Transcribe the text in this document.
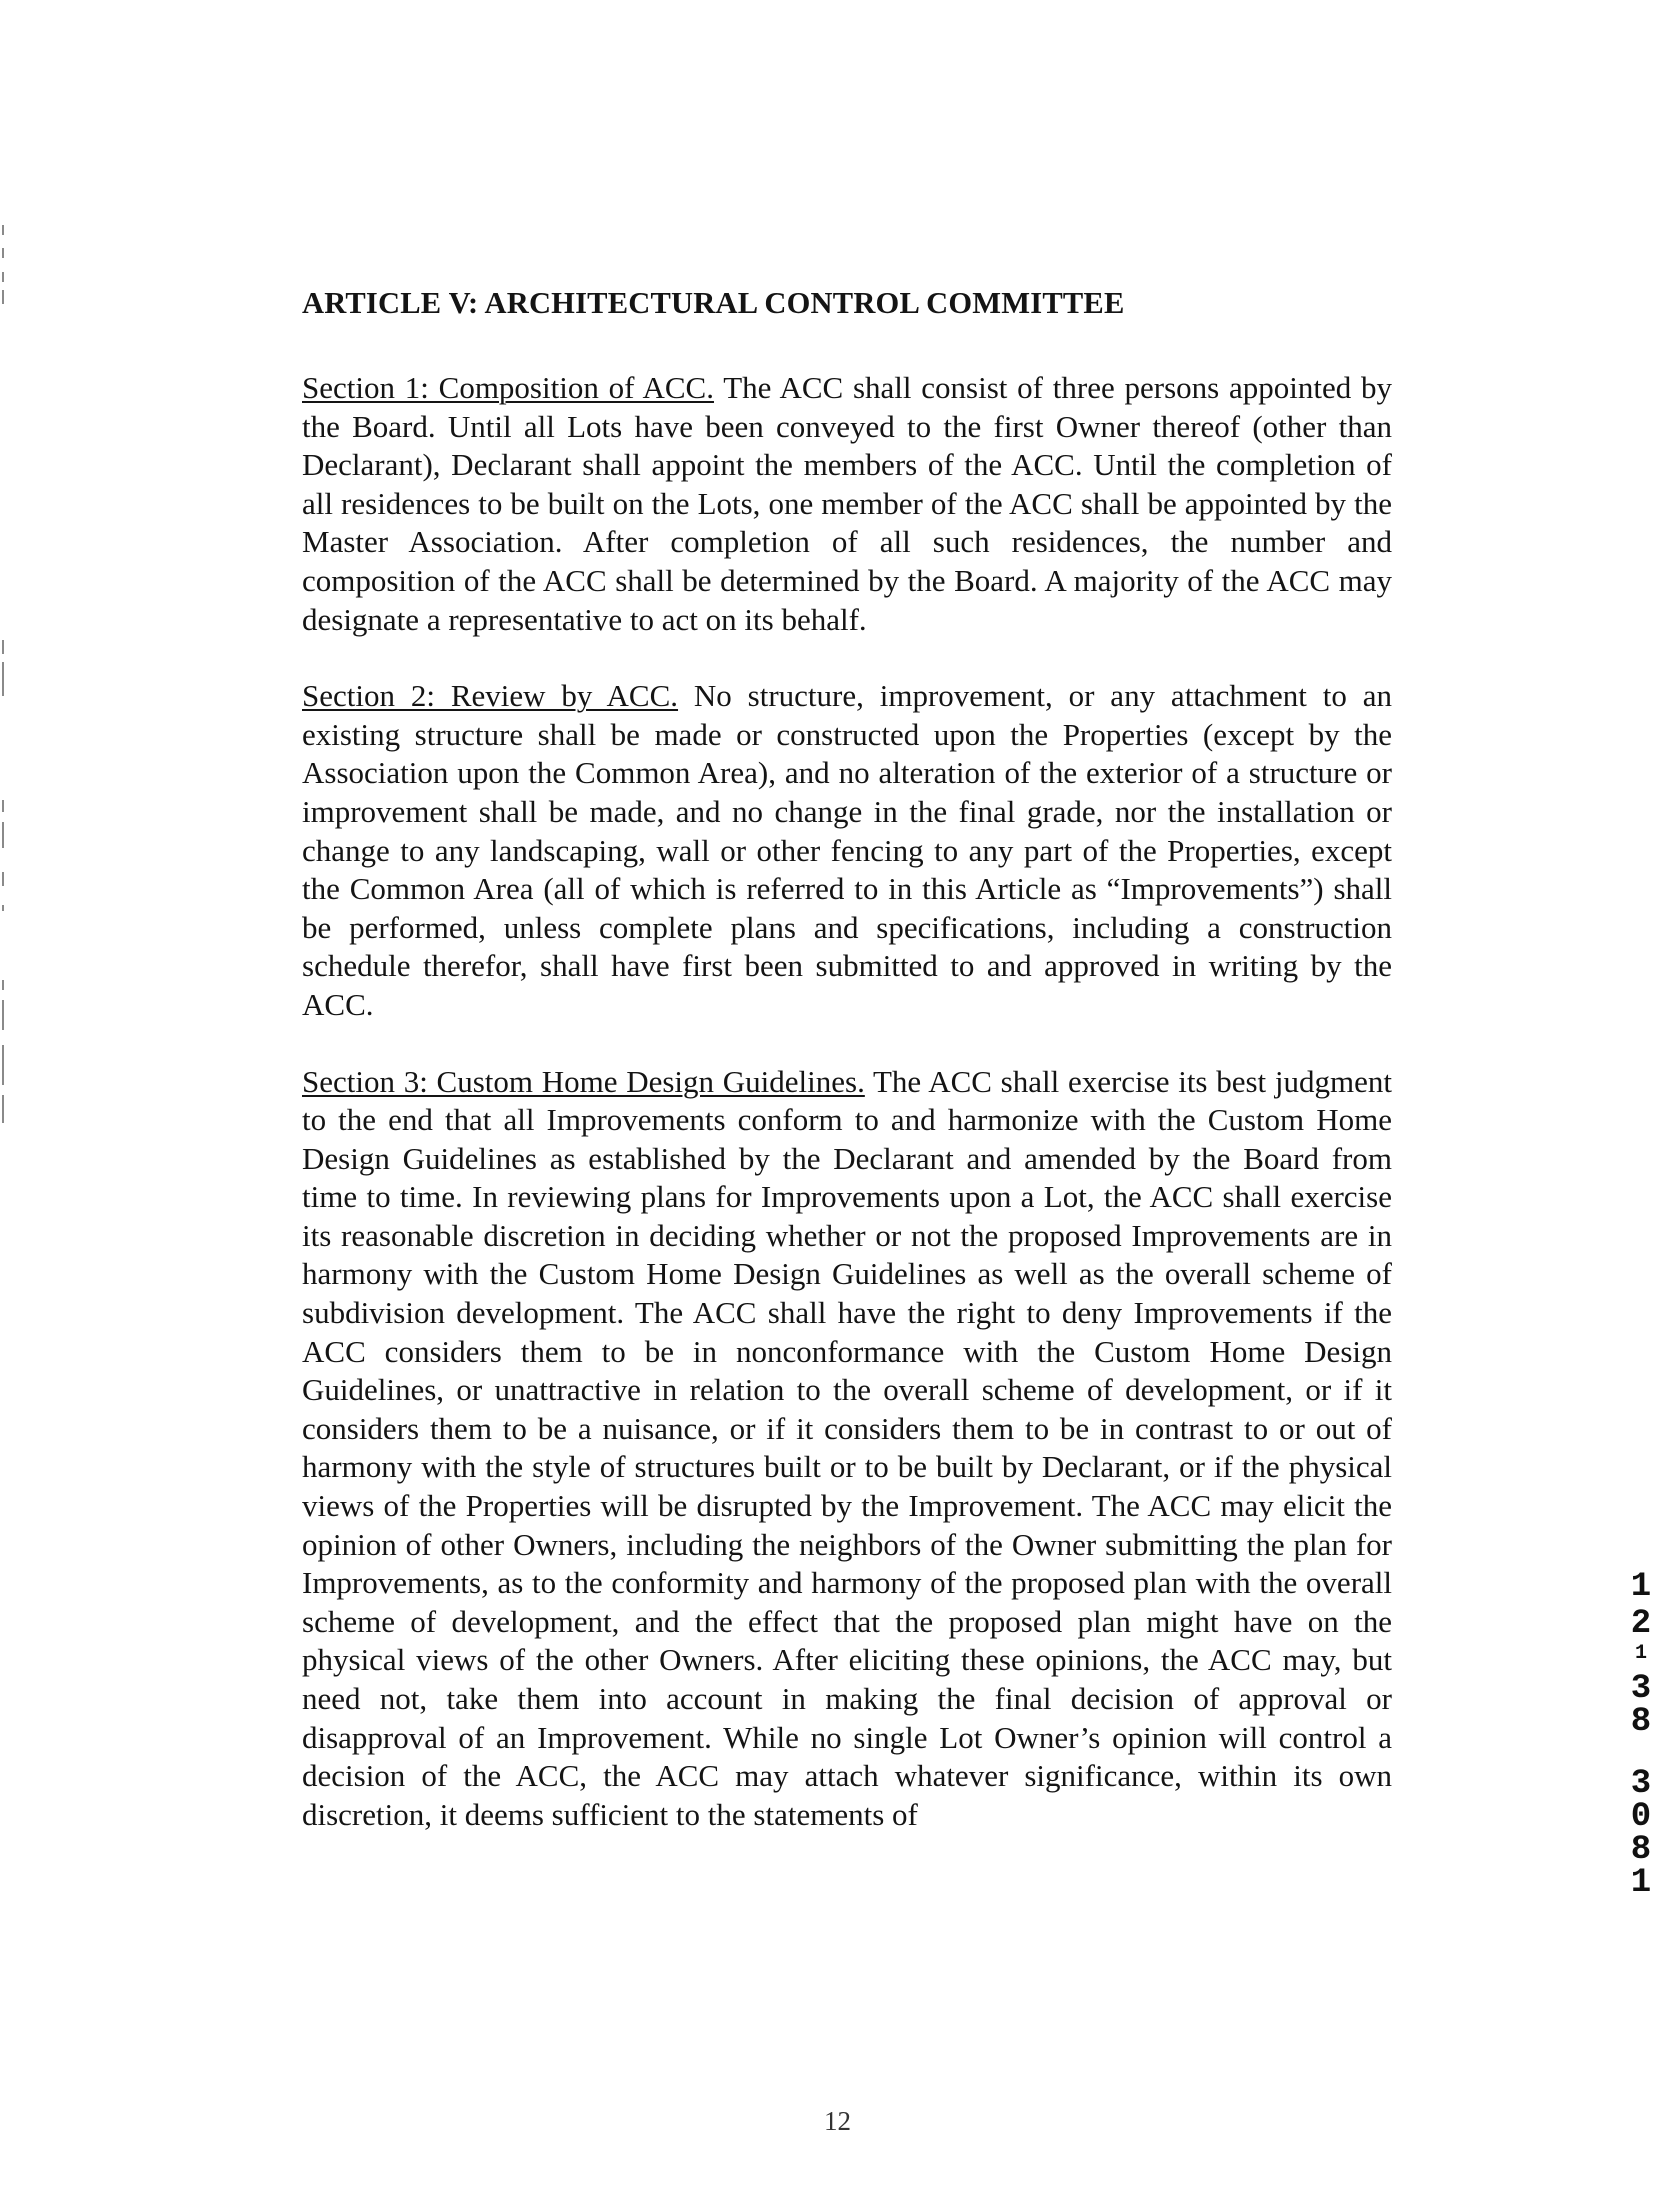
ARTICLE V: ARCHITECTURAL CONTROL COMMITTEE

Section 1: Composition of ACC. The ACC shall consist of three persons appointed by the Board. Until all Lots have been conveyed to the first Owner thereof (other than Declarant), Declarant shall appoint the members of the ACC. Until the completion of all residences to be built on the Lots, one member of the ACC shall be appointed by the Master Association. After completion of all such residences, the number and composition of the ACC shall be determined by the Board. A majority of the ACC may designate a representative to act on its behalf.

Section 2: Review by ACC. No structure, improvement, or any attachment to an existing structure shall be made or constructed upon the Properties (except by the Association upon the Common Area), and no alteration of the exterior of a structure or improvement shall be made, and no change in the final grade, nor the installation or change to any landscaping, wall or other fencing to any part of the Properties, except the Common Area (all of which is referred to in this Article as “Improvements”) shall be performed, unless complete plans and specifications, including a construction schedule therefor, shall have first been submitted to and approved in writing by the ACC.

Section 3: Custom Home Design Guidelines. The ACC shall exercise its best judgment to the end that all Improvements conform to and harmonize with the Custom Home Design Guidelines as established by the Declarant and amended by the Board from time to time. In reviewing plans for Improvements upon a Lot, the ACC shall exercise its reasonable discretion in deciding whether or not the proposed Improvements are in harmony with the Custom Home Design Guidelines as well as the overall scheme of subdivision development. The ACC shall have the right to deny Improvements if the ACC considers them to be in nonconformance with the Custom Home Design Guidelines, or unattractive in relation to the overall scheme of development, or if it considers them to be a nuisance, or if it considers them to be in contrast to or out of harmony with the style of structures built or to be built by Declarant, or if the physical views of the Properties will be disrupted by the Improvement. The ACC may elicit the opinion of other Owners, including the neighbors of the Owner submitting the plan for Improvements, as to the conformity and harmony of the proposed plan with the overall scheme of development, and the effect that the proposed plan might have on the physical views of the other Owners. After eliciting these opinions, the ACC may, but need not, take them into account in making the final decision of approval or disapproval of an Improvement. While no single Lot Owner’s opinion will control a decision of the ACC, the ACC may attach whatever significance, within its own discretion, it deems sufficient to the statements of

12
1
2
1
3
8
3
0
8
1
